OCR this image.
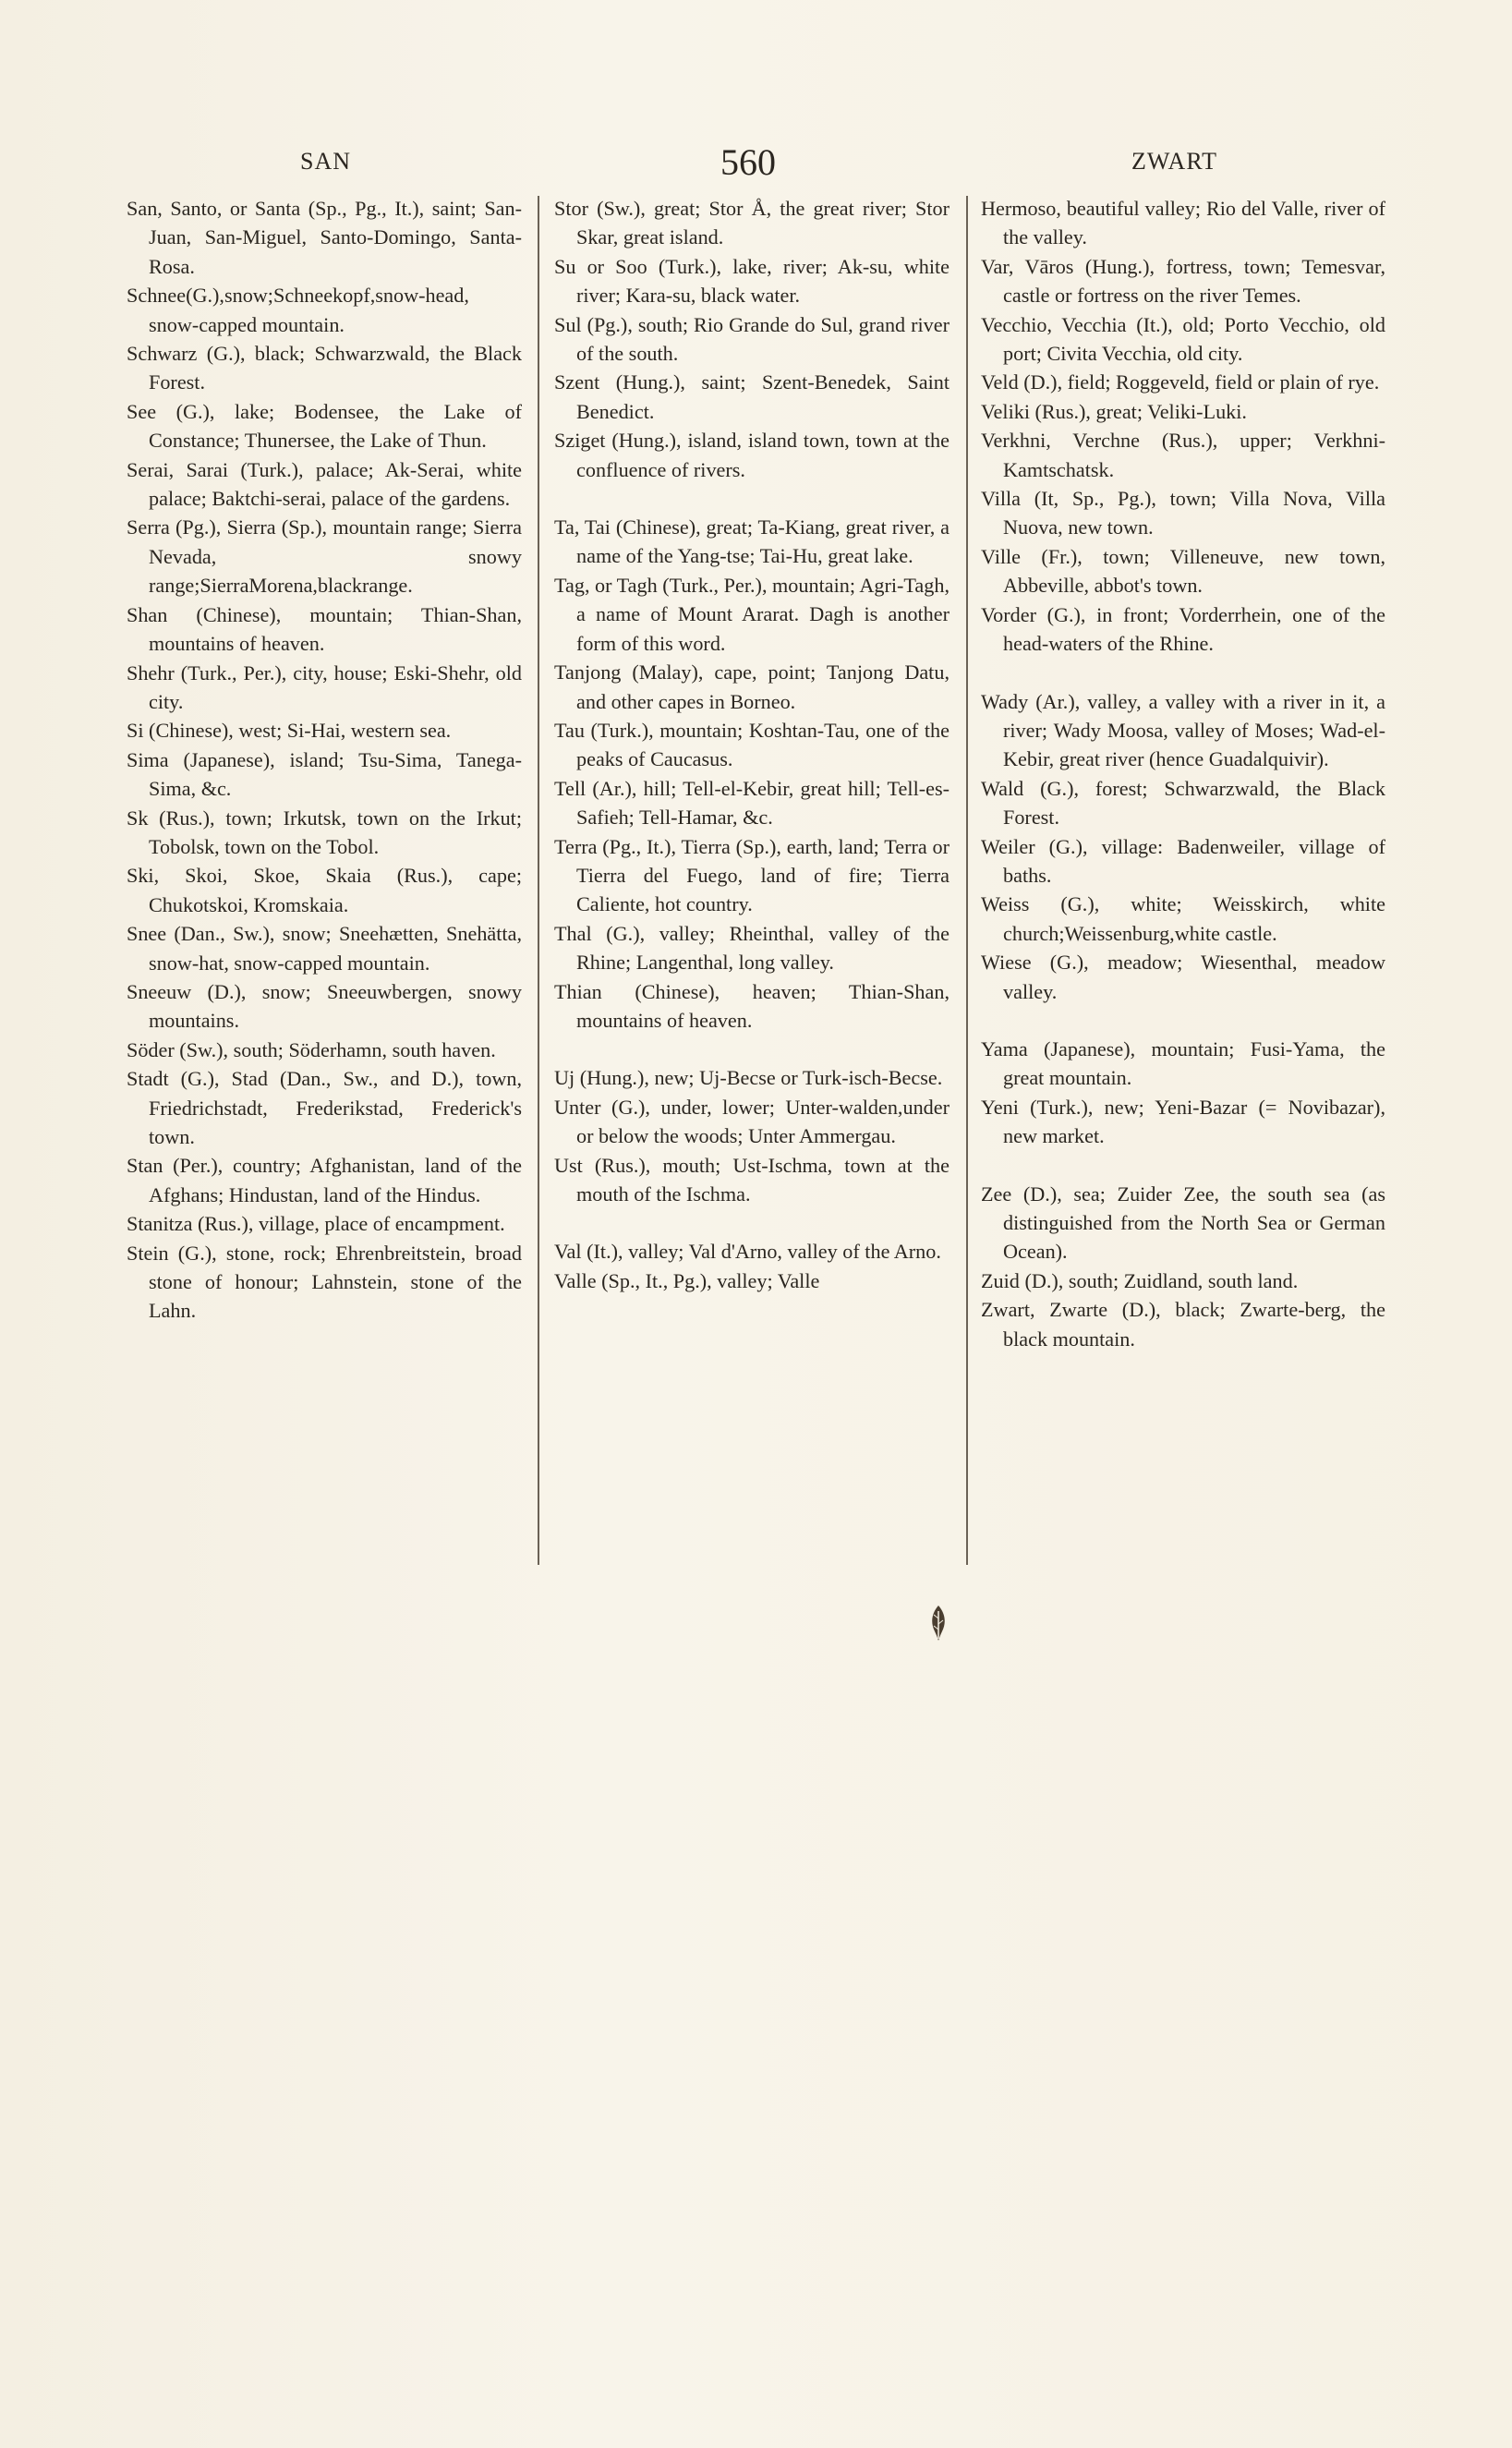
SAN	560	ZWART
San, Santo, or Santa (Sp., Pg., It.), saint; San-Juan, San-Miguel, Santo-Domingo, Santa-Rosa.
Schnee(G.),snow;Schneekopf,snow-head, snow-capped mountain.
Schwarz (G.), black; Schwarzwald, the Black Forest.
See (G.), lake; Bodensee, the Lake of Constance; Thunersee, the Lake of Thun.
Serai, Sarai (Turk.), palace; Ak-Serai, white palace; Baktchi-serai, palace of the gardens.
Serra (Pg.), Sierra (Sp.), mountain range; Sierra Nevada, snowy range;SierraMorena,blackrange.
Shan (Chinese), mountain; Thian-Shan, mountains of heaven.
Shehr (Turk., Per.), city, house; Eski-Shehr, old city.
Si (Chinese), west; Si-Hai, western sea.
Sima (Japanese), island; Tsu-Sima, Tanega-Sima, &c.
Sk (Rus.), town; Irkutsk, town on the Irkut; Tobolsk, town on the Tobol.
Ski, Skoi, Skoe, Skaia (Rus.), cape; Chukotskoi, Kromskaia.
Snee (Dan., Sw.), snow; Sneehætten, Snehätta, snow-hat, snow-capped mountain.
Sneeuw (D.), snow; Sneeuwbergen, snowy mountains.
Söder (Sw.), south; Söderhamn, south haven.
Stadt (G.), Stad (Dan., Sw., and D.), town, Friedrichstadt, Frederikstad, Frederick's town.
Stan (Per.), country; Afghanistan, land of the Afghans; Hindustan, land of the Hindus.
Stanitza (Rus.), village, place of encampment.
Stein (G.), stone, rock; Ehrenbreitstein, broad stone of honour; Lahnstein, stone of the Lahn.
Stor (Sw.), great; Stor Å, the great river; Stor Skar, great island.
Su or Soo (Turk.), lake, river; Ak-su, white river; Kara-su, black water.
Sul (Pg.), south; Rio Grande do Sul, grand river of the south.
Szent (Hung.), saint; Szent-Benedek, Saint Benedict.
Sziget (Hung.), island, island town, town at the confluence of rivers.
Ta, Tai (Chinese), great; Ta-Kiang, great river, a name of the Yang-tse; Tai-Hu, great lake.
Tag, or Tagh (Turk., Per.), mountain; Agri-Tagh, a name of Mount Ararat. Dagh is another form of this word.
Tanjong (Malay), cape, point; Tanjong Datu, and other capes in Borneo.
Tau (Turk.), mountain; Koshtan-Tau, one of the peaks of Caucasus.
Tell (Ar.), hill; Tell-el-Kebir, great hill; Tell-es-Safieh; Tell-Hamar, &c.
Terra (Pg., It.), Tierra (Sp.), earth, land; Terra or Tierra del Fuego, land of fire; Tierra Caliente, hot country.
Thal (G.), valley; Rheinthal, valley of the Rhine; Langenthal, long valley.
Thian (Chinese), heaven; Thian-Shan, mountains of heaven.
Uj (Hung.), new; Uj-Becse or Turk-isch-Becse.
Unter (G.), under, lower; Unter-walden,under or below the woods; Unter Ammergau.
Ust (Rus.), mouth; Ust-Ischma, town at the mouth of the Ischma.
Val (It.), valley; Val d'Arno, valley of the Arno.
Valle (Sp., It., Pg.), valley; Valle
Hermoso, beautiful valley; Rio del Valle, river of the valley.
Var, Vāros (Hung.), fortress, town; Temesvar, castle or fortress on the river Temes.
Vecchio, Vecchia (It.), old; Porto Vecchio, old port; Civita Vecchia, old city.
Veld (D.), field; Roggeveld, field or plain of rye.
Veliki (Rus.), great; Veliki-Luki.
Verkhni, Verchne (Rus.), upper; Verkhni-Kamtschatsk.
Villa (It, Sp., Pg.), town; Villa Nova, Villa Nuova, new town.
Ville (Fr.), town; Villeneuve, new town, Abbeville, abbot's town.
Vorder (G.), in front; Vorderrhein, one of the head-waters of the Rhine.
Wady (Ar.), valley, a valley with a river in it, a river; Wady Moosa, valley of Moses; Wad-el-Kebir, great river (hence Guadalquivir).
Wald (G.), forest; Schwarzwald, the Black Forest.
Weiler (G.), village: Badenweiler, village of baths.
Weiss (G.), white; Weisskirch, white church;Weissenburg,white castle.
Wiese (G.), meadow; Wiesenthal, meadow valley.
Yama (Japanese), mountain; Fusi-Yama, the great mountain.
Yeni (Turk.), new; Yeni-Bazar (= Novibazar), new market.
Zee (D.), sea; Zuider Zee, the south sea (as distinguished from the North Sea or German Ocean).
Zuid (D.), south; Zuidland, south land.
Zwart, Zwarte (D.), black; Zwarte-berg, the black mountain.
